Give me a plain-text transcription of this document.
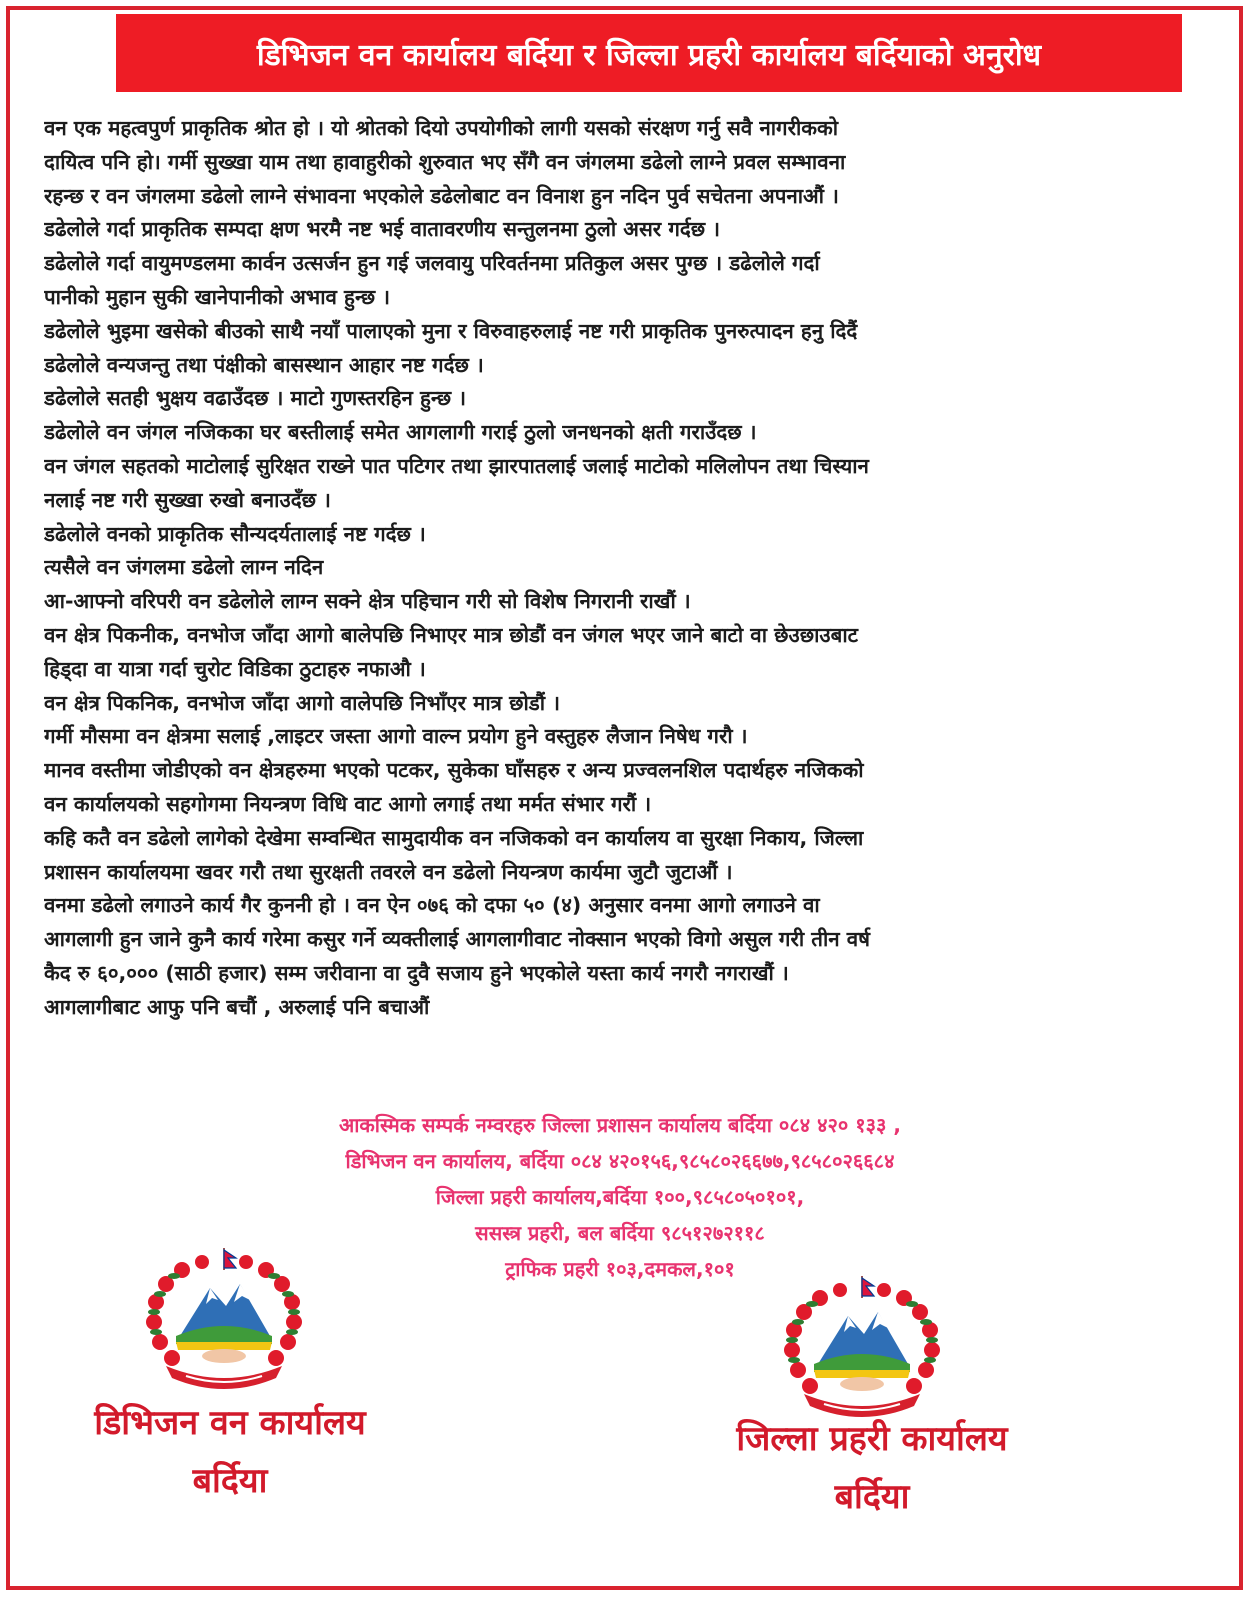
डिभिजन वन कार्यालय बर्दिया र जिल्ला प्रहरी कार्यालय बर्दियाको अनुरोध
वन एक महत्वपुर्ण प्राकृतिक श्रोत हो । यो श्रोतको दियो उपयोगीको लागी यसको संरक्षण गर्नु सवै नागरीकको
दायित्व पनि हो। गर्मी सुख्खा याम तथा हावाहुरीको शुरुवात भए सँगै वन जंगलमा डढेलो लाग्ने प्रवल सम्भावना
रहन्छ र वन जंगलमा डढेलो लाग्ने संभावना भएकोले डढेलोबाट वन विनाश हुन नदिन पुर्व सचेतना अपनाऔं ।
डढेलोले गर्दा प्राकृतिक सम्पदा क्षण भरमै नष्ट भई वातावरणीय सन्तुलनमा ठुलो असर गर्दछ ।
डढेलोले गर्दा वायुमण्डलमा कार्वन उत्सर्जन हुन गई जलवायु परिवर्तनमा प्रतिकुल असर पुग्छ । डढेलोले गर्दा
पानीको मुहान सुकी खानेपानीको अभाव हुन्छ ।
डढेलोले भुइमा खसेको बीउको साथै नयाँ पालाएको मुना र विरुवाहरुलाई नष्ट गरी प्राकृतिक पुनरुत्पादन हनु दिदैं
डढेलोले वन्यजन्तु तथा पंक्षीको बासस्थान आहार नष्ट गर्दछ ।
डढेलोले सतही भुक्षय वढाउँदछ । माटो गुणस्तरहिन हुन्छ ।
डढेलोले वन जंगल नजिकका घर बस्तीलाई समेत आगलागी गराई ठुलो जनधनको क्षती गराउँदछ ।
वन जंगल सहतको माटोलाई सुरिक्षत राख्ने पात पटिगर तथा झारपातलाई जलाई माटोको मलिलोपन तथा चिस्यान
नलाई नष्ट गरी सुख्खा रुखो बनाउदँछ ।
डढेलोले वनको प्राकृतिक सौन्यदर्यतालाई नष्ट गर्दछ ।
त्यसैले वन जंगलमा डढेलो लाग्न नदिन
आ-आफ्नो वरिपरी वन डढेलोले लाग्न सक्ने क्षेत्र पहिचान गरी सो विशेष निगरानी राखौं ।
वन क्षेत्र पिकनीक, वनभोज जाँदा आगो बालेपछि निभाएर मात्र छोडौं वन जंगल भएर जाने बाटो वा छेउछाउबाट
हिड्दा वा यात्रा गर्दा चुरोट विडिका ठुटाहरु नफाऔ ।
वन क्षेत्र पिकनिक, वनभोज जाँदा आगो वालेपछि निभाँएर मात्र छोडौं ।
गर्मी मौसमा वन क्षेत्रमा सलाई ,लाइटर जस्ता आगो वाल्न प्रयोग हुने वस्तुहरु लैजान निषेध गरौ ।
मानव वस्तीमा जोडीएको वन क्षेत्रहरुमा भएको पटकर, सुकेका घाँसहरु र अन्य प्रज्वलनशिल पदार्थहरु नजिकको
वन कार्यालयको सहगोगमा नियन्त्रण विधि वाट आगो लगाई तथा मर्मत संभार गरौं ।
कहि कतै वन डढेलो लागेको देखेमा सम्वन्धित सामुदायीक वन नजिकको वन कार्यालय वा सुरक्षा निकाय, जिल्ला
प्रशासन कार्यालयमा खवर गरौ तथा सुरक्षती तवरले वन डढेलो नियन्त्रण कार्यमा जुटौ जुटाऔं ।
वनमा डढेलो लगाउने कार्य गैर कुननी हो । वन ऐन ०७६ को दफा ५० (४) अनुसार वनमा आगो लगाउने वा
आगलागी हुन जाने कुनै कार्य गरेमा कसुर गर्ने व्यक्तीलाई आगलागीवाट नोक्सान भएको विगो असुल गरी तीन वर्ष
कैद रु ६०,००० (साठी हजार) सम्म जरीवाना वा दुवै सजाय हुने भएकोले यस्ता कार्य नगरौ नगराखौं ।
आगलागीबाट आफु पनि बचौं , अरुलाई पनि बचाऔं
आकस्मिक सम्पर्क नम्वरहरु जिल्ला प्रशासन कार्यालय बर्दिया ०८४ ४२० १३३ ,
डिभिजन वन कार्यालय, बर्दिया ०८४ ४२०१५६,९८५८०२६६७७,९८५८०२६६८४
जिल्ला प्रहरी कार्यालय,बर्दिया १००,९८५८०५०१०१,
ससस्त्र प्रहरी, बल बर्दिया ९८५१२७२११८
ट्राफिक प्रहरी १०३,दमकल,१०१
डिभिजन वन कार्यालय
बर्दिया
जिल्ला प्रहरी कार्यालय
बर्दिया
